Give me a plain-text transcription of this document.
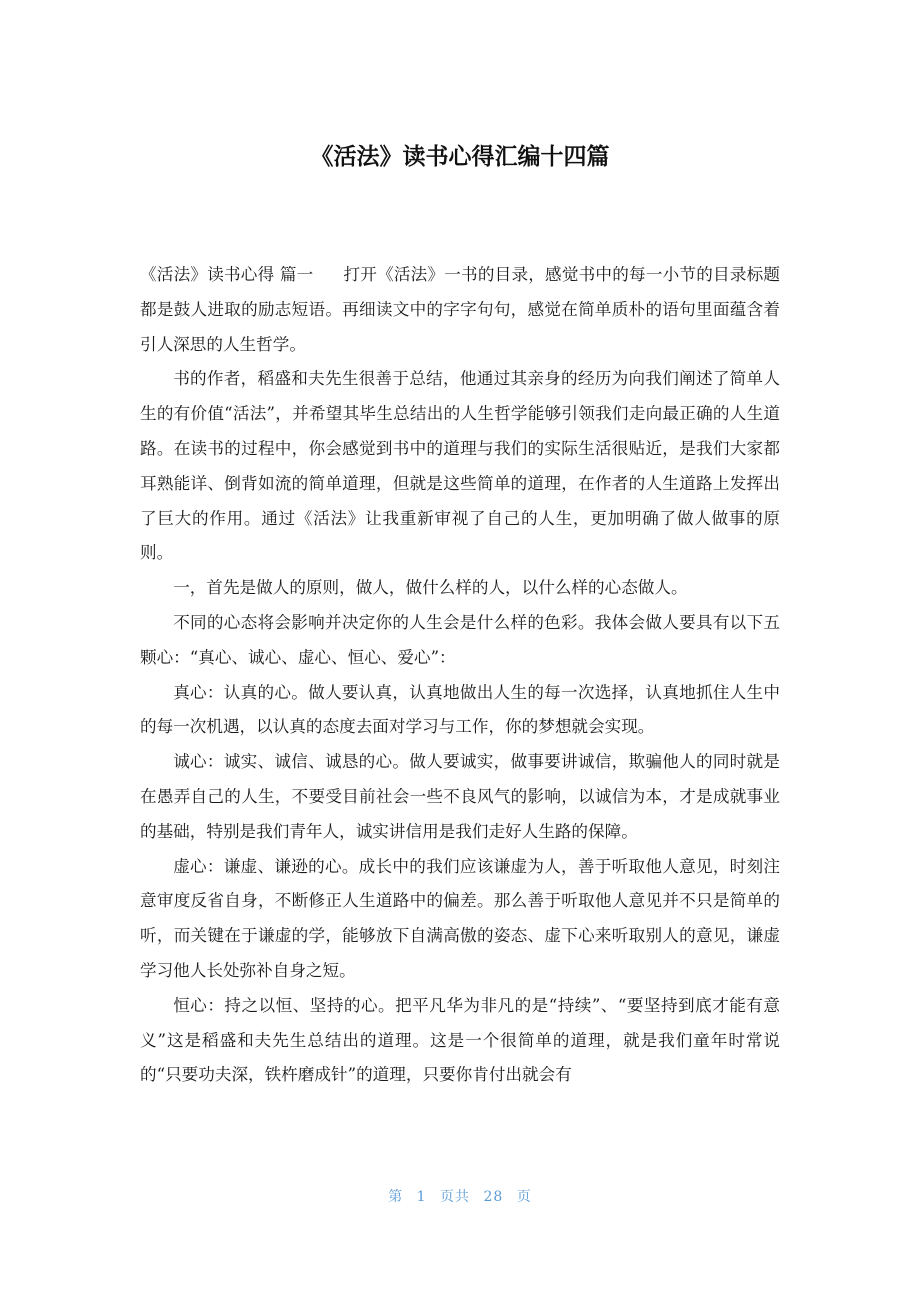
《活法》读书心得汇编十四篇

《活法》读书心得 篇一 打开《活法》一书的目录，感觉书中的每一小节的目录标题都是鼓人进取的励志短语。再细读文中的字字句句，感觉在简单质朴的语句里面蕴含着引人深思的人生哲学。

书的作者，稻盛和夫先生很善于总结，他通过其亲身的经历为向我们阐述了简单人生的有价值“活法”，并希望其毕生总结出的人生哲学能够引领我们走向最正确的人生道路。在读书的过程中，你会感觉到书中的道理与我们的实际生活很贴近，是我们大家都耳熟能详、倒背如流的简单道理，但就是这些简单的道理，在作者的人生道路上发挥出了巨大的作用。通过《活法》让我重新审视了自己的人生，更加明确了做人做事的原则。

一，首先是做人的原则，做人，做什么样的人，以什么样的心态做人。

不同的心态将会影响并决定你的人生会是什么样的色彩。我体会做人要具有以下五颗心：“真心、诚心、虚心、恒心、爱心”：

真心：认真的心。做人要认真，认真地做出人生的每一次选择，认真地抓住人生中的每一次机遇，以认真的态度去面对学习与工作，你的梦想就会实现。

诚心：诚实、诚信、诚恳的心。做人要诚实，做事要讲诚信，欺骗他人的同时就是在愚弄自己的人生，不要受目前社会一些不良风气的影响，以诚信为本，才是成就事业的基础，特别是我们青年人，诚实讲信用是我们走好人生路的保障。

虚心：谦虚、谦逊的心。成长中的我们应该谦虚为人，善于听取他人意见，时刻注意审度反省自身，不断修正人生道路中的偏差。那么善于听取他人意见并不只是简单的听，而关键在于谦虚的学，能够放下自满高傲的姿态、虚下心来听取别人的意见，谦虚学习他人长处弥补自身之短。

恒心：持之以恒、坚持的心。把平凡华为非凡的是“持续”、“要坚持到底才能有意义”这是稻盛和夫先生总结出的道理。这是一个很简单的道理，就是我们童年时常说的“只要功夫深，铁杵磨成针”的道理，只要你肯付出就会有

第 1 页共 28 页
